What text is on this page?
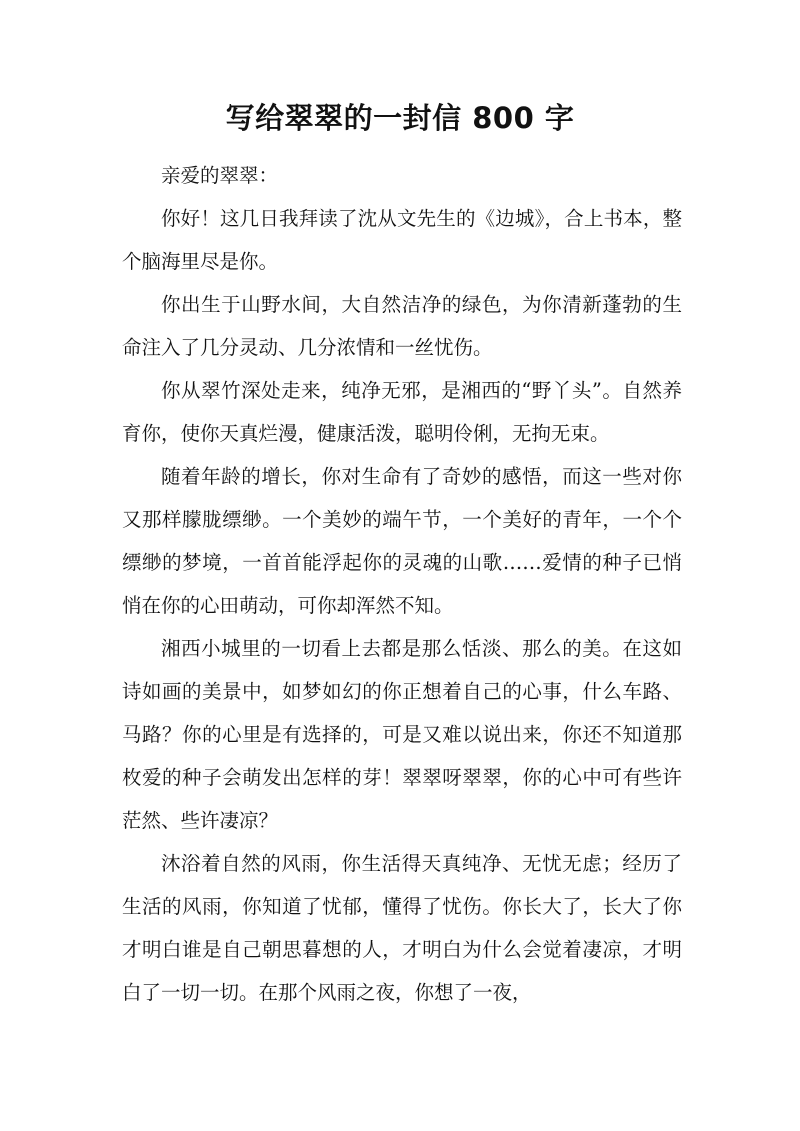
写给翠翠的一封信 800 字

亲爱的翠翠：

你好！这几日我拜读了沈从文先生的《边城》，合上书本，整个脑海里尽是你。

你出生于山野水间，大自然洁净的绿色，为你清新蓬勃的生命注入了几分灵动、几分浓情和一丝忧伤。

你从翠竹深处走来，纯净无邪，是湘西的“野丫头”。自然养育你，使你天真烂漫，健康活泼，聪明伶俐，无拘无束。

随着年龄的增长，你对生命有了奇妙的感悟，而这一些对你又那样朦胧缥缈。一个美妙的端午节，一个美好的青年，一个个缥缈的梦境，一首首能浮起你的灵魂的山歌……爱情的种子已悄悄在你的心田萌动，可你却浑然不知。

湘西小城里的一切看上去都是那么恬淡、那么的美。在这如诗如画的美景中，如梦如幻的你正想着自己的心事，什么车路、马路？你的心里是有选择的，可是又难以说出来，你还不知道那枚爱的种子会萌发出怎样的芽！翠翠呀翠翠，你的心中可有些许茫然、些许凄凉？

沐浴着自然的风雨，你生活得天真纯净、无忧无虑；经历了生活的风雨，你知道了忧郁，懂得了忧伤。你长大了，长大了你才明白谁是自己朝思暮想的人，才明白为什么会觉着凄凉，才明白了一切一切。在那个风雨之夜，你想了一夜，
